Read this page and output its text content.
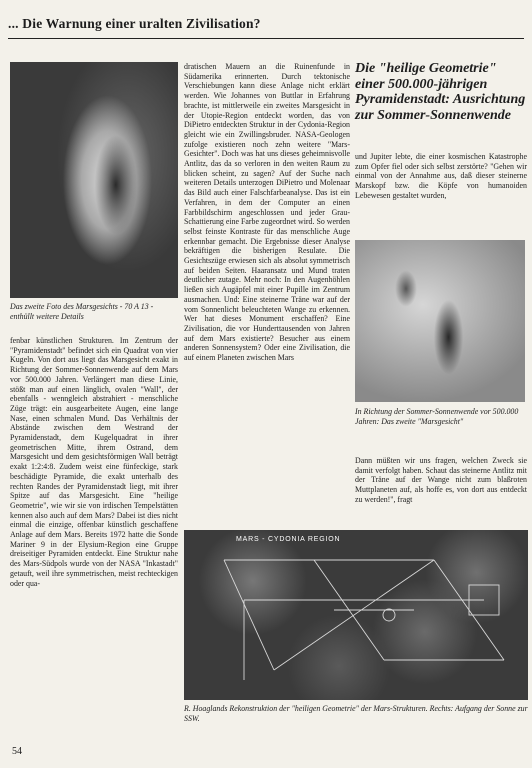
... Die Warnung einer uralten Zivilisation?
Das zweite Foto des Marsgesichts - 70 A 13 - enthüllt weitere Details

fenbar künstlichen Strukturen. Im Zentrum der "Pyramidenstadt" befindet sich ein Quadrat von vier Kugeln. Von dort aus liegt das Marsgesicht exakt in Richtung der Sommer-Sonnenwende auf dem Mars vor 500.000 Jahren. Verlängert man diese Linie, stößt man auf einen länglich, ovalen "Wall", der ebenfalls - wenngleich abstrahiert - menschliche Züge trägt: ein ausgearbeitete Augen, eine lange Nase, einen schmalen Mund. Das Verhältnis der Abstände zwischen dem Westrand der Pyramidenstadt, dem Kugelquadrat in ihrer geometrischen Mitte, ihrem Ostrand, dem Marsgesicht und dem gesichtsförmigen Wall beträgt exakt 1:2:4:8. Zudem weist eine fünfeckige, stark beschädigte Pyramide, die exakt unterhalb des rechten Randes der Pyramidenstadt liegt, mit ihrer Spitze auf das Marsgesicht. Eine "heilige Geometrie", wie wir sie von irdischen Tempelstätten kennen also auch auf dem Mars? Dabei ist dies nicht einmal die einzige, offenbar künstlich geschaffene Anlage auf dem Mars. Bereits 1972 hatte die Sonde Mariner 9 in der Elysium-Region eine Gruppe dreiseitiger Pyramiden entdeckt. Eine Struktur nahe des Mars-Südpols wurde von der NASA "Inkastadt" getauft, weil ihre symmetrischen, meist rechteckigen oder qua-

dratischen Mauern an die Ruinenfunde in Südamerika erinnerten. Durch tektonische Verschiebungen kann diese Anlage nicht erklärt werden. Wie Johannes von Buttlar in Erfahrung brachte, ist mittlerweile ein zweites Marsgesicht in der Utopie-Region entdeckt worden, das von DiPietro entdeckten Struktur in der Cydonia-Region gleicht wie ein Zwillingsbruder. NASA-Geologen zufolge existieren noch zehn weitere "Mars-Gesichter". Doch was hat uns dieses geheimnisvolle Antlitz, das da so verloren in den weiten Raum zu blicken scheint, zu sagen? Auf der Suche nach weiteren Details unterzogen DiPietro und Molenaar das Bild auch einer Falschfarbeanalyse. Das ist ein Verfahren, in dem der Computer an einen Farbbildschirm angeschlossen und jeder Grau-Schattierung eine Farbe zugeordnet wird. So werden selbst feinste Kontraste für das menschliche Auge erkennbar gemacht. Die Ergebnisse dieser Analyse bekräftigen die bisherigen Resulate. Die Gesichtszüge erwiesen sich als absolut symmetrisch auf beiden Seiten. Haaransatz und Mund traten deutlicher zutage. Mehr noch: In den Augenhöhlen ließen sich Augäpfel mit einer Pupille im Zentrum ausmachen. Und: Eine steinerne Träne war auf der vom Sonnenlicht beleuchteten Wange zu erkennen. Wer hat dieses Monument erschaffen? Eine Zivilisation, die vor Hunderttausenden von Jahren auf dem Mars existierte? Besucher aus einem anderen Sonnensystem? Oder eine Zivilisation, die auf einem Planeten zwischen Mars

Die "heilige Geometrie" einer 500.000-jährigen Pyramidenstadt: Ausrichtung zur Sommer-Sonnenwende

und Jupiter lebte, die einer kosmischen Katastrophe zum Opfer fiel oder sich selbst zerstörte? "Gehen wir einmal von der Annahme aus, daß dieser steinerne Marskopf bzw. die Köpfe von humanoiden Lebewesen gestaltet wurden,

In Richtung der Sommer-Sonnenwende vor 500.000 Jahren: Das zweite "Marsgesicht"

Dann müßten wir uns fragen, welchen Zweck sie damit verfolgt haben. Schaut das steinerne Antlitz mit der Träne auf der Wange nicht zum blaßroten Muttplaneten auf, als hoffe es, von dort aus entdeckt zu werden!", fragt

MARS - CYDONIA REGION
R. Hoaglands Rekonstruktion der "heiligen Geometrie" der Mars-Strukturen. Rechts: Aufgang der Sonne zur SSW.
54
